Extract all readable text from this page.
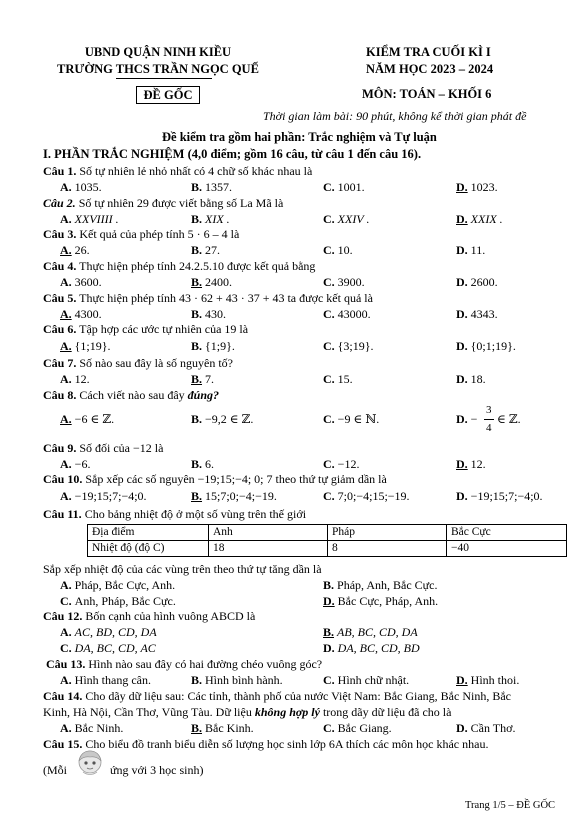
UBND QUẬN NINH KIỀU
TRƯỜNG THCS TRẦN NGỌC QUẾ
ĐỀ GỐC
KIỂM TRA CUỐI KÌ I
NĂM HỌC 2023 – 2024
MÔN: TOÁN – KHỐI 6
Thời gian làm bài: 90 phút, không kể thời gian phát đề
Đề kiểm tra gồm hai phần: Trắc nghiệm và Tự luận
I. PHẦN TRẮC NGHIỆM (4,0 điểm; gồm 16 câu, từ câu 1 đến câu 16).
Câu 1. Số tự nhiên lẻ nhỏ nhất có 4 chữ số khác nhau là
A. 1035.	B. 1357.	C. 1001.	D. 1023.
Câu 2. Số tự nhiên 29 được viết bằng số La Mã là
A. XXVIIII .	B. XIX .	C. XXIV .	D. XXIX .
Câu 3. Kết quả của phép tính 5 · 6 – 4 là
A. 26.	B. 27.	C. 10.	D. 11.
Câu 4. Thực hiện phép tính 24.2.5.10 được kết quả bằng
A. 3600.	B. 2400.	C. 3900.	D. 2600.
Câu 5. Thực hiện phép tính 43 · 62 + 43 · 37 + 43 ta được kết quả là
A. 4300.	B. 430.	C. 43000.	D. 4343.
Câu 6. Tập hợp các ước tự nhiên của 19 là
A. {1;19}.	B. {1;9}.	C. {3;19}.	D. {0;1;19}.
Câu 7. Số nào sau đây là số nguyên tố?
A. 12.	B. 7.	C. 15.	D. 18.
Câu 8. Cách viết nào sau đây đúng?
A. −6 ∈ ℤ.	B. −9,2 ∈ ℤ.	C. −9 ∈ ℕ.	D. −
3
4
∈ ℤ.
Câu 9. Số đối của −12 là
A. −6.	B. 6.	C. −12.	D. 12.
Câu 10. Sắp xếp các số nguyên −19;15;−4; 0; 7 theo thứ tự giảm dần là
A. −19;15;7;−4;0.	B. 15;7;0;−4;−19.	C. 7;0;−4;15;−19.	D. −19;15;7;−4;0.
Câu 11. Cho bảng nhiệt độ ở một số vùng trên thế giới
Địa điểm	Anh	Pháp	Bắc Cực
Nhiệt độ (độ C)	18	8	−40
Sắp xếp nhiệt độ của các vùng trên theo thứ tự tăng dần là
A. Pháp, Bắc Cực, Anh.	B. Pháp, Anh, Bắc Cực.
C. Anh, Pháp, Bắc Cực.	D. Bắc Cực, Pháp, Anh.
Câu 12. Bốn cạnh của hình vuông ABCD là
A. AC, BD, CD, DA	B. AB, BC, CD, DA
C. DA, BC, CD, AC	D. DA, BC, CD, BD
Câu 13. Hình nào sau đây có hai đường chéo vuông góc?
A. Hình thang cân.	B. Hình bình hành.	C. Hình chữ nhật.	D. Hình thoi.
Câu 14. Cho dãy dữ liệu sau: Các tỉnh, thành phố của nước Việt Nam: Bắc Giang, Bắc Ninh, Bắc
Kinh, Hà Nội, Cần Thơ, Vũng Tàu. Dữ liệu không hợp lý trong dãy dữ liệu đã cho là
A. Bắc Ninh.	B. Bắc Kinh.	C. Bắc Giang.	D. Cần Thơ.
Câu 15. Cho biểu đồ tranh biểu diễn số lượng học sinh lớp 6A thích các môn học khác nhau.
(Mỗi	ứng với 3 học sinh)
Trang 1/5 – ĐỀ GỐC
